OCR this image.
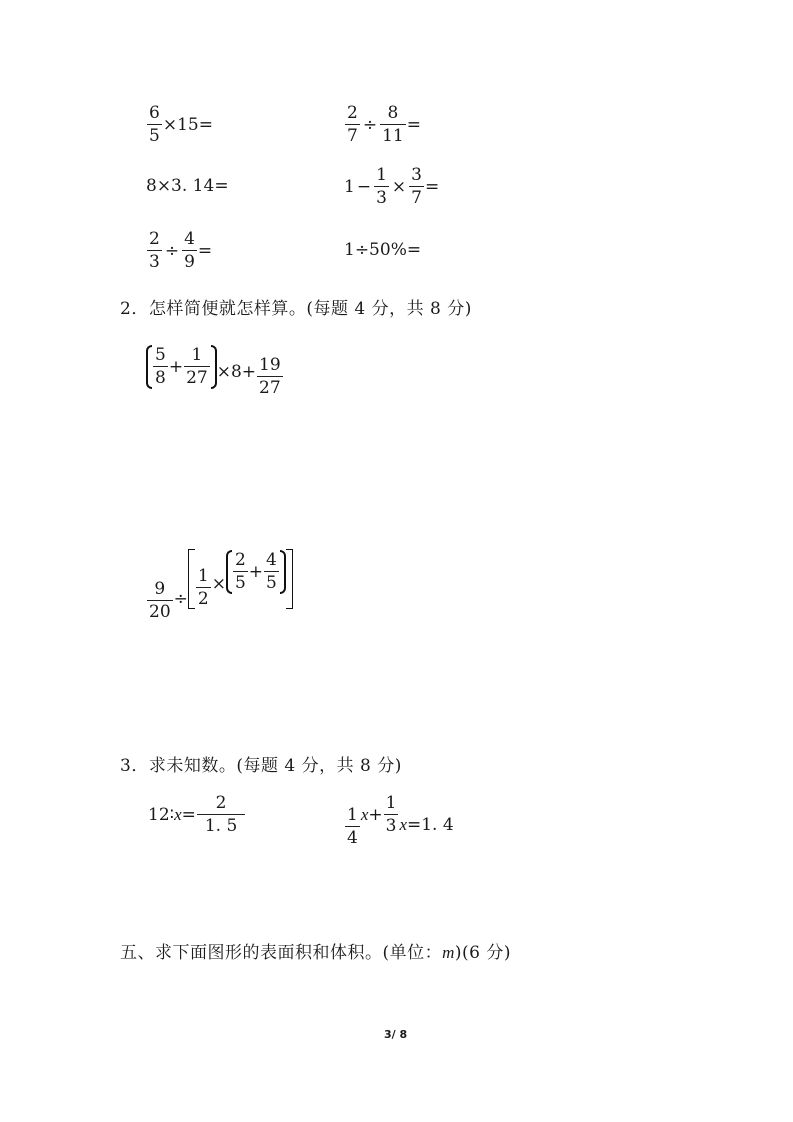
$\frac{6}{5} \times 15=$	$\frac{2}{7} \div \frac{8}{11}$ =
8×3. 14=	$1 - \frac{1}{3} \times \frac{3}{7}$ =
$\frac{2}{3} \div \frac{4}{9}$ =	1÷50%=
2．怎样简便就怎样算。(每题 4 分，共 8 分)
$\frac{5}{8} + \frac{1}{27} \times 8+ \frac{19}{27}$
$\frac{9}{20} \div \frac{1}{2} \times \frac{2}{5} + \frac{4}{5}$
3．求未知数。(每题 4 分，共 8 分)
12∶ $x = \frac{2}{1. 5}$	$\frac{1}{4}$ $x + \frac{1}{3}$ x =1. 4
五、求下面图形的表面积和体积。(单位：m)(6 分)
3/ 8
